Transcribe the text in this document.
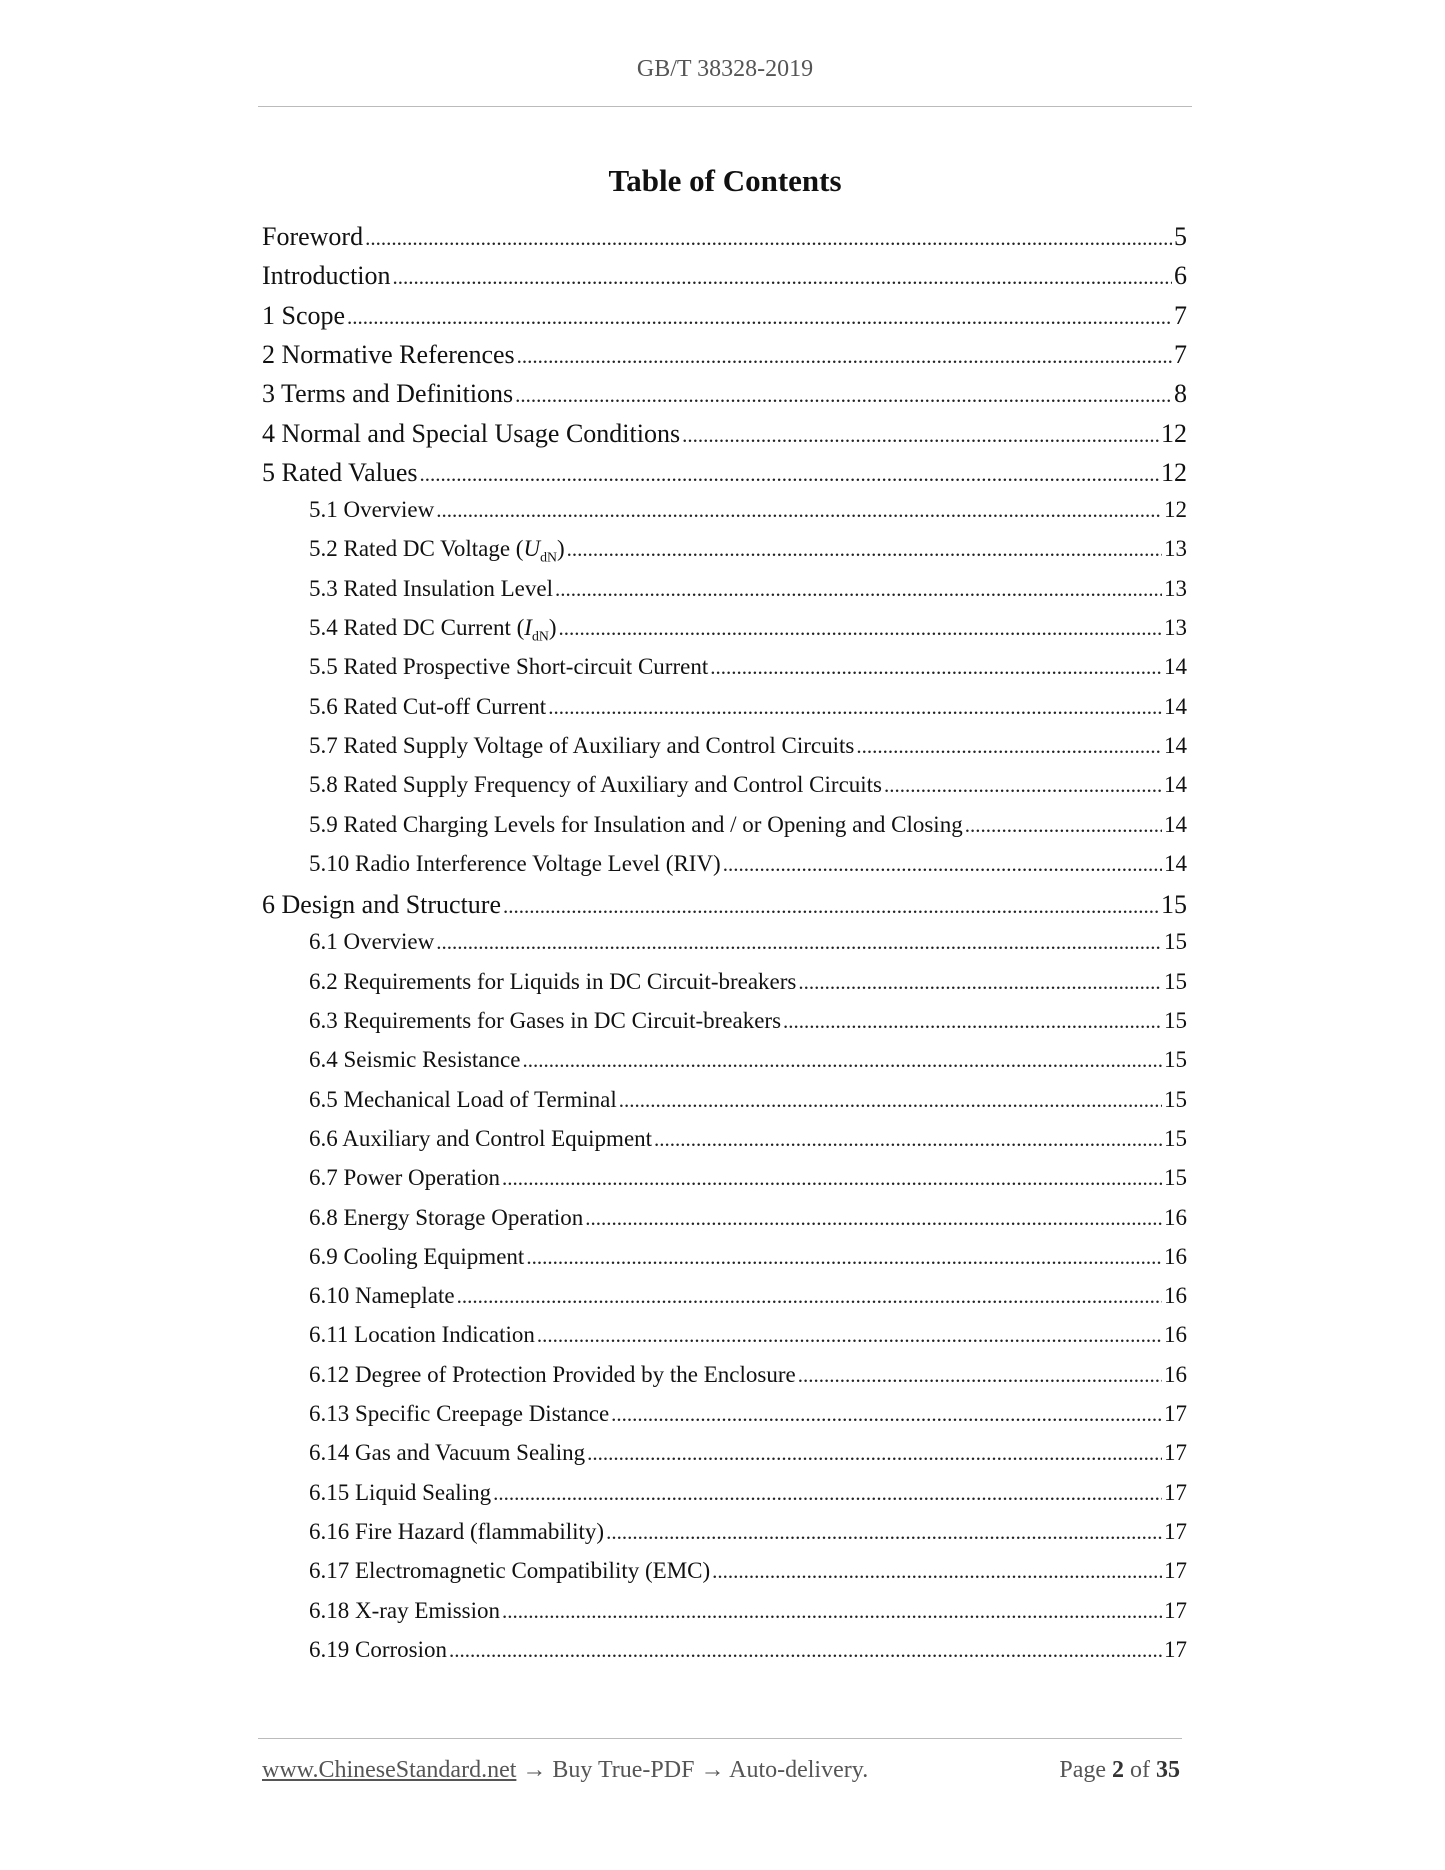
GB/T 38328-2019
Table of Contents
Foreword .....	5
Introduction .....	6
1 Scope .....	7
2 Normative References .....	7
3 Terms and Definitions .....	8
4 Normal and Special Usage Conditions .....	12
5 Rated Values .....	12
5.1 Overview .....	12
5.2 Rated DC Voltage $(U_{dN})$ .....	13
5.3 Rated Insulation Level .....	13
5.4 Rated DC Current $(I_{dN})$ .....	13
5.5 Rated Prospective Short-circuit Current .....	14
5.6 Rated Cut-off Current .....	14
5.7 Rated Supply Voltage of Auxiliary and Control Circuits .....	14
5.8 Rated Supply Frequency of Auxiliary and Control Circuits .....	14
5.9 Rated Charging Levels for Insulation and / or Opening and Closing .....	14
5.10 Radio Interference Voltage Level (RIV) .....	14
6 Design and Structure .....	15
6.1 Overview .....	15
6.2 Requirements for Liquids in DC Circuit-breakers .....	15
6.3 Requirements for Gases in DC Circuit-breakers .....	15
6.4 Seismic Resistance .....	15
6.5 Mechanical Load of Terminal .....	15
6.6 Auxiliary and Control Equipment .....	15
6.7 Power Operation .....	15
6.8 Energy Storage Operation .....	16
6.9 Cooling Equipment .....	16
6.10 Nameplate .....	16
6.11 Location Indication .....	16
6.12 Degree of Protection Provided by the Enclosure .....	16
6.13 Specific Creepage Distance .....	17
6.14 Gas and Vacuum Sealing .....	17
6.15 Liquid Sealing .....	17
6.16 Fire Hazard (flammability) .....	17
6.17 Electromagnetic Compatibility (EMC) .....	17
6.18 X-ray Emission .....	17
6.19 Corrosion .....	17
www.ChineseStandard.net → Buy True-PDF → Auto-delivery.	Page 2 of 35
